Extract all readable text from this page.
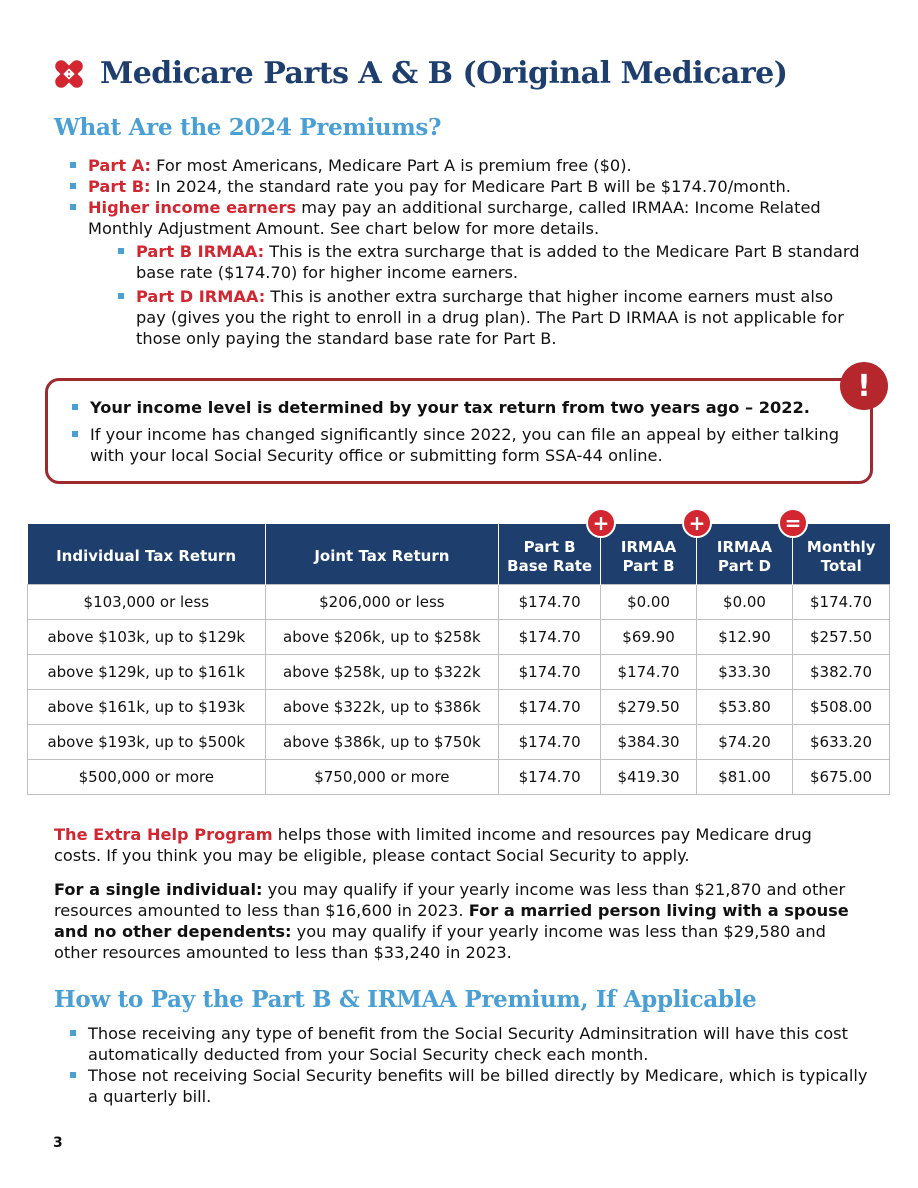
Medicare Parts A & B (Original Medicare)
What Are the 2024 Premiums?
Part A: For most Americans, Medicare Part A is premium free ($0).
Part B: In 2024, the standard rate you pay for Medicare Part B will be $174.70/month.
Higher income earners may pay an additional surcharge, called IRMAA: Income Related Monthly Adjustment Amount. See chart below for more details.
Part B IRMAA: This is the extra surcharge that is added to the Medicare Part B standard base rate ($174.70) for higher income earners.
Part D IRMAA: This is another extra surcharge that higher income earners must also pay (gives you the right to enroll in a drug plan). The Part D IRMAA is not applicable for those only paying the standard base rate for Part B.
Your income level is determined by your tax return from two years ago – 2022.
If your income has changed significantly since 2022, you can file an appeal by either talking with your local Social Security office or submitting form SSA-44 online.
!
Individual Tax Return	Joint Tax Return	Part B Base Rate	IRMAA Part B	IRMAA Part D	Monthly Total
$103,000 or less	$206,000 or less	$174.70	$0.00	$0.00	$174.70
above $103k, up to $129k	above $206k, up to $258k	$174.70	$69.90	$12.90	$257.50
above $129k, up to $161k	above $258k, up to $322k	$174.70	$174.70	$33.30	$382.70
above $161k, up to $193k	above $322k, up to $386k	$174.70	$279.50	$53.80	$508.00
above $193k, up to $500k	above $386k, up to $750k	$174.70	$384.30	$74.20	$633.20
$500,000 or more	$750,000 or more	$174.70	$419.30	$81.00	$675.00
+	+	=
The Extra Help Program helps those with limited income and resources pay Medicare drug costs. If you think you may be eligible, please contact Social Security to apply.
For a single individual: you may qualify if your yearly income was less than $21,870 and other resources amounted to less than $16,600 in 2023. For a married person living with a spouse and no other dependents: you may qualify if your yearly income was less than $29,580 and other resources amounted to less than $33,240 in 2023.
How to Pay the Part B & IRMAA Premium, If Applicable
Those receiving any type of benefit from the Social Security Adminsitration will have this cost automatically deducted from your Social Security check each month.
Those not receiving Social Security benefits will be billed directly by Medicare, which is typically a quarterly bill.
3
